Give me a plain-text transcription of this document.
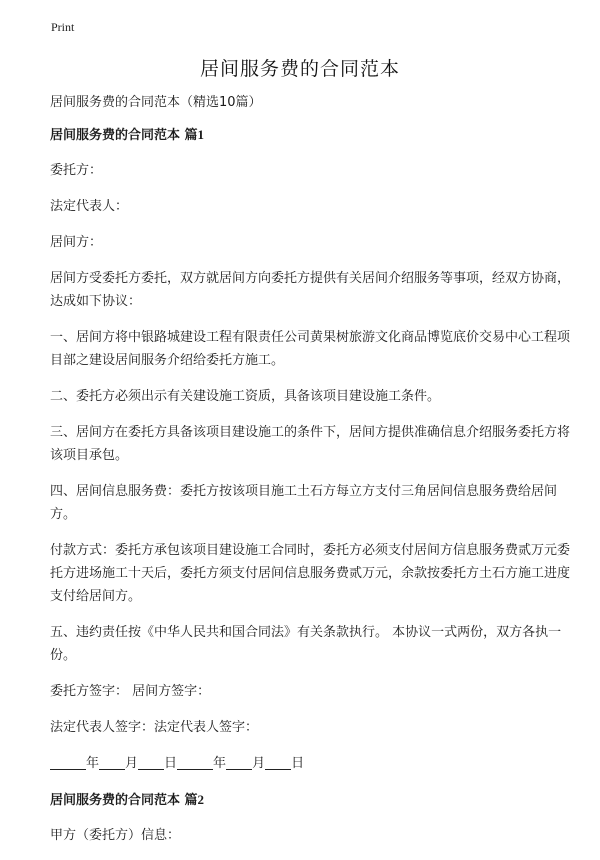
Print
居间服务费的合同范本

居间服务费的合同范本（精选10篇）

居间服务费的合同范本 篇1

委托方：

法定代表人：

居间方：

居间方受委托方委托，双方就居间方向委托方提供有关居间介绍服务等事项，经双方协商，达成如下协议：

一、居间方将中银路城建设工程有限责任公司黄果树旅游文化商品博览底价交易中心工程项目部之建设居间服务介绍给委托方施工。

二、委托方必须出示有关建设施工资质，具备该项目建设施工条件。

三、居间方在委托方具备该项目建设施工的条件下，居间方提供准确信息介绍服务委托方将该项目承包。

四、居间信息服务费：委托方按该项目施工土石方每立方支付三角居间信息服务费给居间方。

付款方式：委托方承包该项目建设施工合同时，委托方必须支付居间方信息服务费贰万元委托方进场施工十天后，委托方须支付居间信息服务费贰万元，余款按委托方土石方施工进度支付给居间方。

五、违约责任按《中华人民共和国合同法》有关条款执行。 本协议一式两份，双方各执一份。

委托方签字： 居间方签字：

法定代表人签字：法定代表人签字：

年 月 日	年 月 日

居间服务费的合同范本 篇2

甲方（委托方）信息：
